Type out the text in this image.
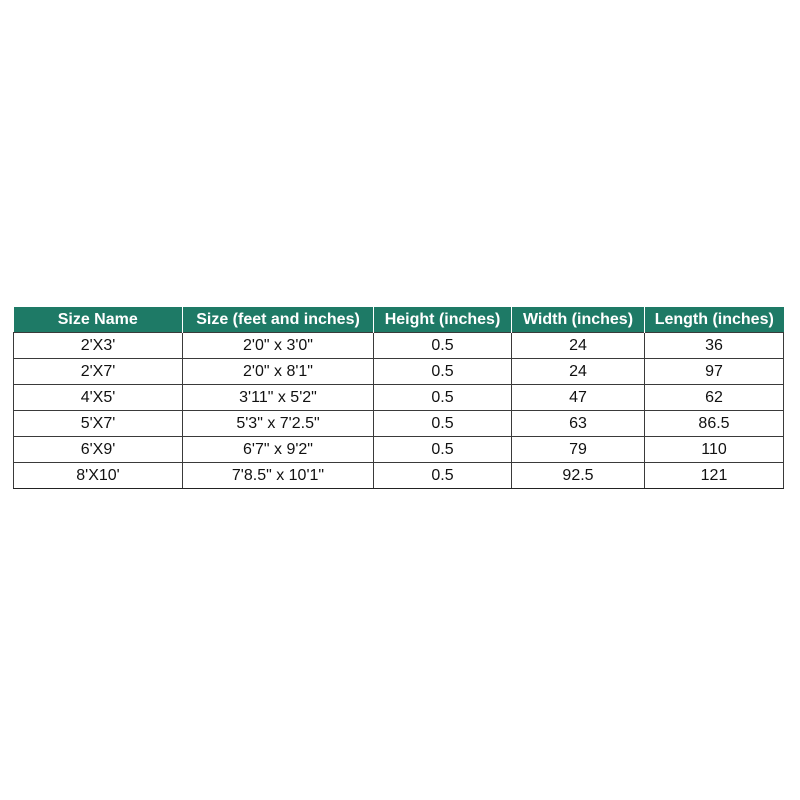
Size Name	Size (feet and inches)	Height (inches)	Width (inches)	Length (inches)
2'X3'	2'0" x 3'0"	0.5	24	36
2'X7'	2'0" x 8'1"	0.5	24	97
4'X5'	3'11" x 5'2"	0.5	47	62
5'X7'	5'3" x 7'2.5"	0.5	63	86.5
6'X9'	6'7" x 9'2"	0.5	79	110
8'X10'	7'8.5" x 10'1"	0.5	92.5	121
